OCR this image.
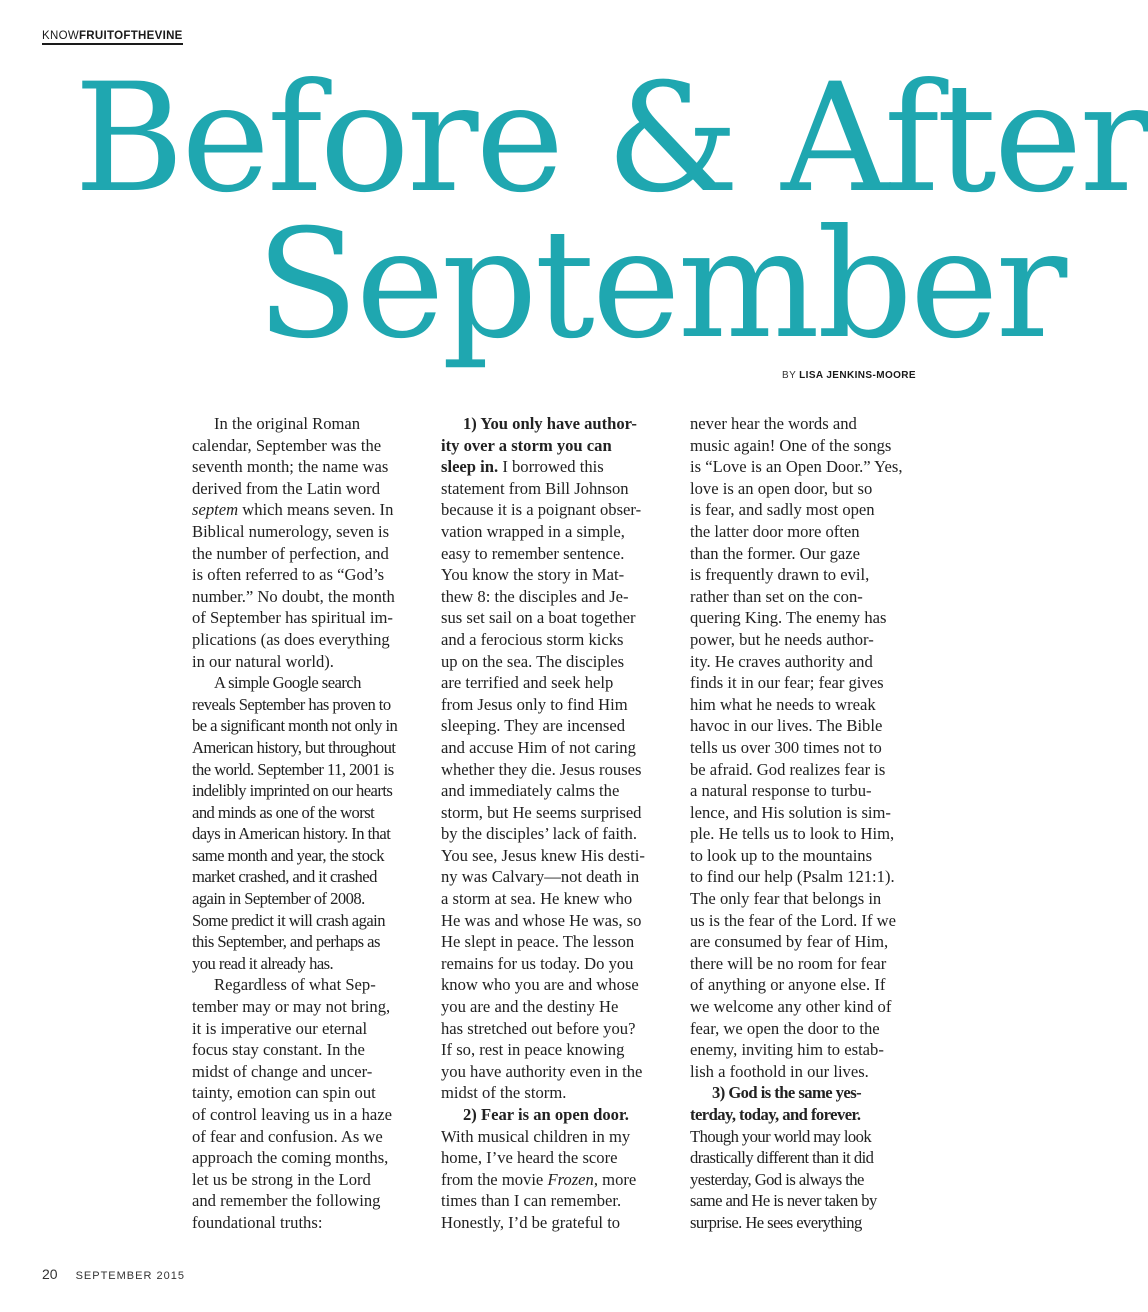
KNOWFRUITOFTHEVINE
Before & After
September
BY LISA JENKINS-MOORE

In the original Roman
calendar, September was the
seventh month; the name was
derived from the Latin word
septem which means seven. In
Biblical numerology, seven is
the number of perfection, and
is often referred to as “God’s
number.” No doubt, the month
of September has spiritual im-
plications (as does everything
in our natural world).

A simple Google search
reveals September has proven to
be a significant month not only in
American history, but throughout
the world. September 11, 2001 is
indelibly imprinted on our hearts
and minds as one of the worst
days in American history. In that
same month and year, the stock
market crashed, and it crashed
again in September of 2008.
Some predict it will crash again
this September, and perhaps as
you read it already has.

Regardless of what Sep-
tember may or may not bring,
it is imperative our eternal
focus stay constant. In the
midst of change and uncer-
tainty, emotion can spin out
of control leaving us in a haze
of fear and confusion. As we
approach the coming months,
let us be strong in the Lord
and remember the following
foundational truths:

1) You only have author-
ity over a storm you can
sleep in. I borrowed this
statement from Bill Johnson
because it is a poignant obser-
vation wrapped in a simple,
easy to remember sentence.
You know the story in Mat-
thew 8: the disciples and Je-
sus set sail on a boat together
and a ferocious storm kicks
up on the sea. The disciples
are terrified and seek help
from Jesus only to find Him
sleeping. They are incensed
and accuse Him of not caring
whether they die. Jesus rouses
and immediately calms the
storm, but He seems surprised
by the disciples’ lack of faith.
You see, Jesus knew His desti-
ny was Calvary—not death in
a storm at sea. He knew who
He was and whose He was, so
He slept in peace. The lesson
remains for us today. Do you
know who you are and whose
you are and the destiny He
has stretched out before you?
If so, rest in peace knowing
you have authority even in the
midst of the storm.

2) Fear is an open door.
With musical children in my
home, I’ve heard the score
from the movie Frozen, more
times than I can remember.
Honestly, I’d be grateful to

never hear the words and
music again! One of the songs
is “Love is an Open Door.” Yes,
love is an open door, but so
is fear, and sadly most open
the latter door more often
than the former. Our gaze
is frequently drawn to evil,
rather than set on the con-
quering King. The enemy has
power, but he needs author-
ity. He craves authority and
finds it in our fear; fear gives
him what he needs to wreak
havoc in our lives. The Bible
tells us over 300 times not to
be afraid. God realizes fear is
a natural response to turbu-
lence, and His solution is sim-
ple. He tells us to look to Him,
to look up to the mountains
to find our help (Psalm 121:1).
The only fear that belongs in
us is the fear of the Lord. If we
are consumed by fear of Him,
there will be no room for fear
of anything or anyone else. If
we welcome any other kind of
fear, we open the door to the
enemy, inviting him to estab-
lish a foothold in our lives.

3) God is the same yes-
terday, today, and forever.
Though your world may look
drastically different than it did
yesterday, God is always the
same and He is never taken by
surprise. He sees everything

20 SEPTEMBER 2015
